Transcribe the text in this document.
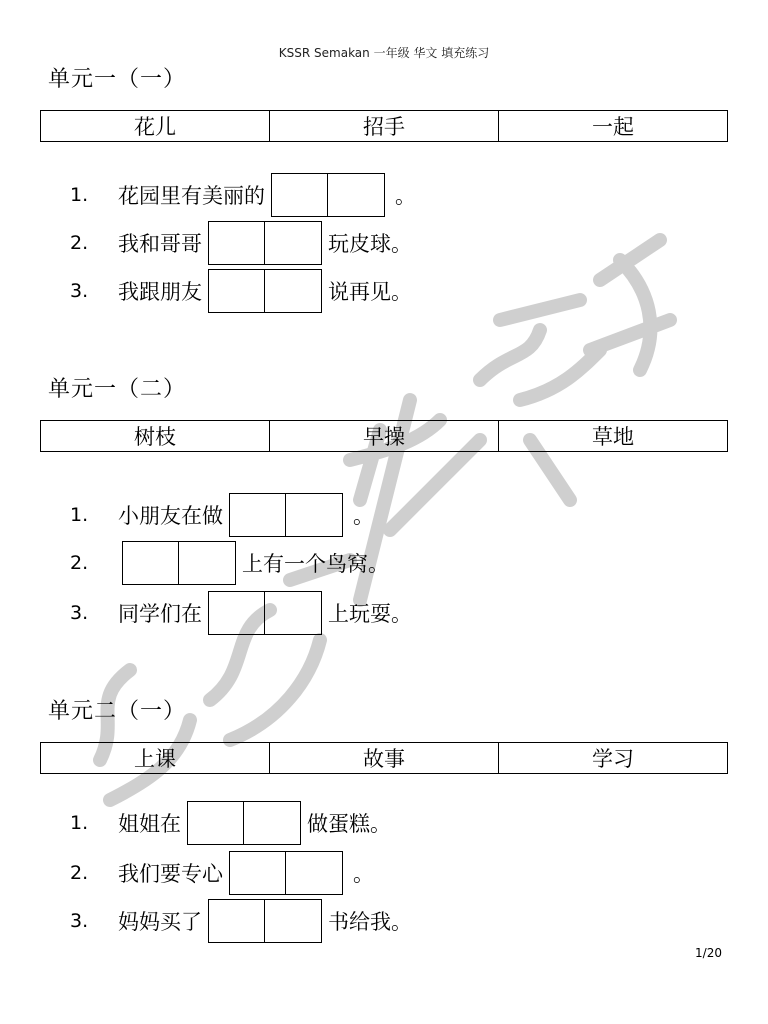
KSSR Semakan 一年级 华文 填充练习
单元一（一）
花儿	招手	一起
1.	花园里有美丽的	。
2.	我和哥哥	玩皮球。
3.	我跟朋友	说再见。
单元一（二）
树枝	早操	草地
1.	小朋友在做	。
2.	上有一个鸟窝。
3.	同学们在	上玩耍。
单元二（一）
上课	故事	学习
1.	姐姐在	做蛋糕。
2.	我们要专心	。
3.	妈妈买了	书给我。
1/20
